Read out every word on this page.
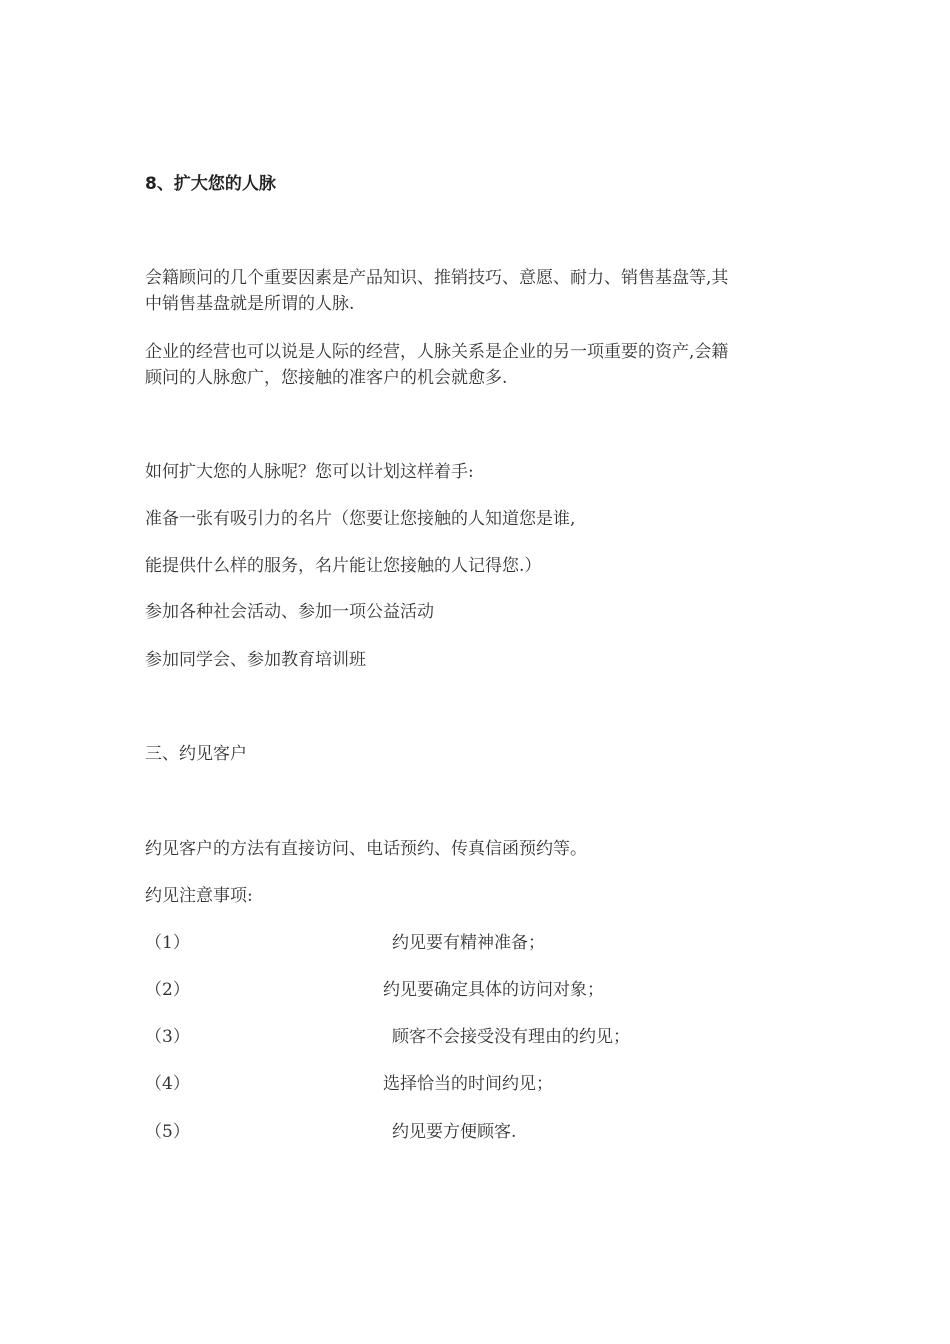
8、扩大您的人脉
会籍顾问的几个重要因素是产品知识、推销技巧、意愿、耐力、销售基盘等,其
中销售基盘就是所谓的人脉.
企业的经营也可以说是人际的经营，人脉关系是企业的另一项重要的资产,会籍
顾问的人脉愈广，您接触的准客户的机会就愈多.
如何扩大您的人脉呢？您可以计划这样着手:
准备一张有吸引力的名片（您要让您接触的人知道您是谁,
能提供什么样的服务，名片能让您接触的人记得您.）
参加各种社会活动、参加一项公益活动
参加同学会、参加教育培训班
三、约见客户
约见客户的方法有直接访问、电话预约、传真信函预约等。
约见注意事项:
（1）	约见要有精神准备；
（2）	约见要确定具体的访问对象；
（3）	顾客不会接受没有理由的约见；
（4）	选择恰当的时间约见；
（5）	约见要方便顾客.
